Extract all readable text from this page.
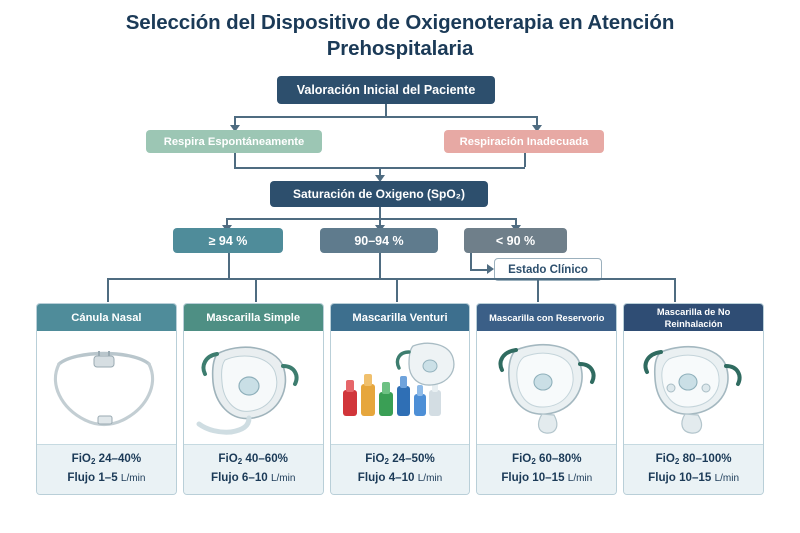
Selección del Dispositivo de Oxigenoterapia en Atención Prehospitalaria
Valoración Inicial del Paciente
Respira Espontáneamente	Respiración Inadecuada
Saturación de Oxigeno (SpO₂)
≥ 94 %	90–94 %	< 90 %
Estado Clínico
Cánula Nasal
FiO$_2$ 24–40%
Flujo 1–5 L/min
Mascarilla Simple
FiO$_2$ 40–60%
Flujo 6–10 L/min
Mascarilla Venturi
FiO$_2$ 24–50%
Flujo 4–10 L/min
Mascarilla con Reservorio
FiO$_2$ 60–80%
Flujo 10–15 L/min
Mascarilla de No Reinhalación
FiO$_2$ 80–100%
Flujo 10–15 L/min
